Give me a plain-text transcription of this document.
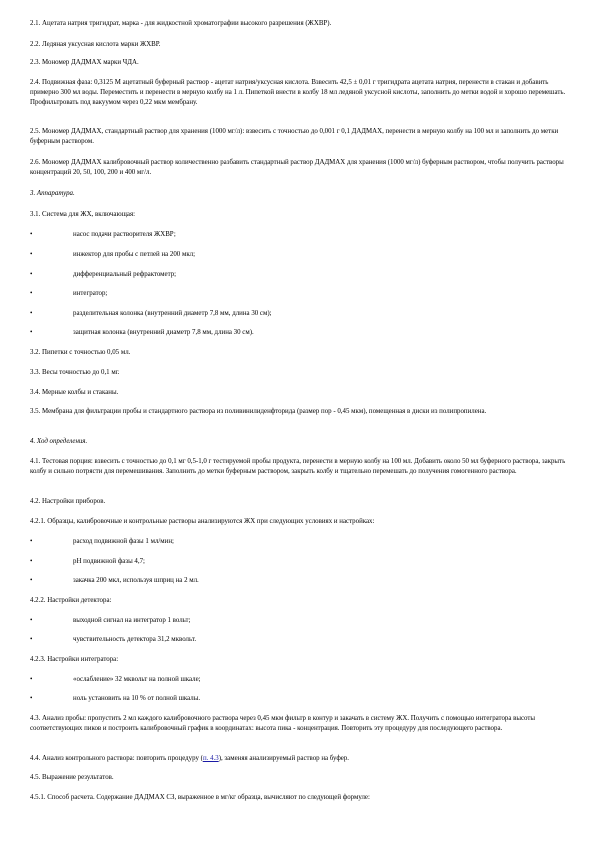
2.1. Ацетата натрия тригидрат, марка - для жидкостной хроматографии высокого разрешения (ЖХВР).

2.2. Ледяная уксусная кислота марки ЖХВР.

2.3. Мономер ДАДМАХ марки ЧДА.

2.4. Подвижная фаза: 0,3125 М ацетатный буферный раствор - ацетат натрия/уксусная кислота. Взвесить 42,5 ± 0,01 г тригидрата ацетата натрия, перенести в стакан и добавить примерно 300 мл воды. Переместить и перенести в мерную колбу на 1 л. Пипеткой внести в колбу 18 мл ледяной уксусной кислоты, заполнить до метки водой и хорошо перемешать. Профильтровать под вакуумом через 0,22 мкм мембрану.

2.5. Мономер ДАДМАХ, стандартный раствор для хранения (1000 мг/л): взвесить с точностью до 0,001 г 0,1 ДАДМАХ, перенести в мерную колбу на 100 мл и заполнить до метки буферным раствором.

2.6. Мономер ДАДМАХ калибровочный раствор количественно разбавить стандартный раствор ДАДМАХ для хранения (1000 мг/л) буферным раствором, чтобы получить растворы концентраций 20, 50, 100, 200 и 400 мг/л.

3. Аппаратура.

3.1. Система для ЖХ, включающая:

•	насос подачи растворителя ЖХВР;
•	инжектор для пробы с петлей на 200 мкл;
•	дифференциальный рефрактометр;
•	интегратор;
•	разделительная колонка (внутренний диаметр 7,8 мм, длина 30 см);
•	защитная колонка (внутренний диаметр 7,8 мм, длина 30 см).

3.2. Пипетки с точностью 0,05 мл.

3.3. Весы точностью до 0,1 мг.

3.4. Мерные колбы и стаканы.

3.5. Мембрана для фильтрации пробы и стандартного раствора из поливинилиденфторида (размер пор - 0,45 мкм), помещенная в диски из полипропилена.

4. Ход определения.

4.1. Тестовая порция: взвесить с точностью до 0,1 мг 0,5-1,0 г тестируемой пробы продукта, перенести в мерную колбу на 100 мл. Добавить около 50 мл буферного раствора, закрыть колбу и сильно потрясти для перемешивания. Заполнить до метки буферным раствором, закрыть колбу и тщательно перемешать до получения гомогенного раствора.

4.2. Настройки приборов.

4.2.1. Образцы, калибровочные и контрольные растворы анализируются ЖХ при следующих условиях и настройках:

•	расход подвижной фазы 1 мл/мин;
•	рН подвижной фазы 4,7;
•	закачка 200 мкл, используя шприц на 2 мл.

4.2.2. Настройки детектора:

•	выходной сигнал на интегратор 1 вольт;
•	чувствительность детектора 31,2 мквольт.

4.2.3. Настройки интегратора:

•	«ослабление» 32 мквольт на полной шкале;
•	ноль установить на 10 % от полной шкалы.

4.3. Анализ пробы: пропустить 2 мл каждого калибровочного раствора через 0,45 мкм фильтр в контур и закачать в систему ЖХ. Получить с помощью интегратора высоты соответствующих пиков и построить калибровочный график в координатах: высота пика - концентрация. Повторить эту процедуру для последующего раствора.

4.4. Анализ контрольного раствора: повторить процедуру (п. 4.3), заменяя анализируемый раствор на буфер.

4.5. Выражение результатов.

4.5.1. Способ расчета. Содержание ДАДМАХ СЗ, выраженное в мг/кг образца, вычисляют по следующей формуле:
